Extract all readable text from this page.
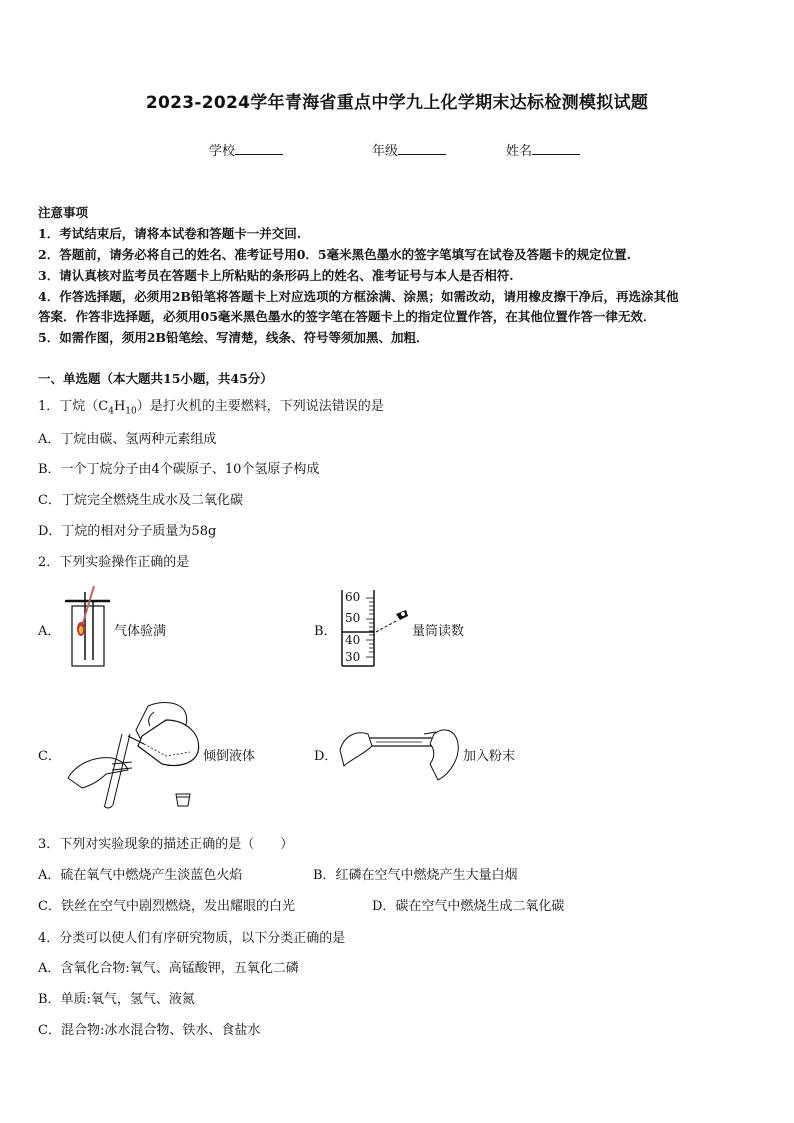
2023-2024学年青海省重点中学九上化学期末达标检测模拟试题
学校	年级	姓名
注意事项
1．考试结束后，请将本试卷和答题卡一并交回.
2．答题前，请务必将自己的姓名、准考证号用0．5毫米黑色墨水的签字笔填写在试卷及答题卡的规定位置.
3．请认真核对监考员在答题卡上所粘贴的条形码上的姓名、准考证号与本人是否相符.
4．作答选择题，必须用2B铅笔将答题卡上对应选项的方框涂满、涂黑；如需改动，请用橡皮擦干净后，再选涂其他
答案．作答非选择题，必须用05毫米黑色墨水的签字笔在答题卡上的指定位置作答，在其他位置作答一律无效．
5．如需作图，须用2B铅笔绘、写清楚，线条、符号等须加黑、加粗．
一、单选题（本大题共15小题，共45分）
1．丁烷$(C_4H_{10})$是打火机的主要燃料，下列说法错误的是
A．丁烷由碳、氢两种元素组成
B．一个丁烷分子由4个碳原子、10个氢原子构成
C．丁烷完全燃烧生成水及二氧化碳
D．丁烷的相对分子质量为58g
2．下列实验操作正确的是
A．	气体验满	B．
60
50
40
30
量筒读数
C．	倾倒液体	D．	加入粉末
3．下列对实验现象的描述正确的是（　　）
A．硫在氧气中燃烧产生淡蓝色火焰	B．红磷在空气中燃烧产生大量白烟
C．铁丝在空气中剧烈燃烧，发出耀眼的白光	D．碳在空气中燃烧生成二氧化碳
4．分类可以使人们有序研究物质，以下分类正确的是
A．含氧化合物:氧气、高锰酸钾，五氧化二磷
B．单质:氧气，氢气、液氮
C．混合物:冰水混合物、铁水、食盐水
